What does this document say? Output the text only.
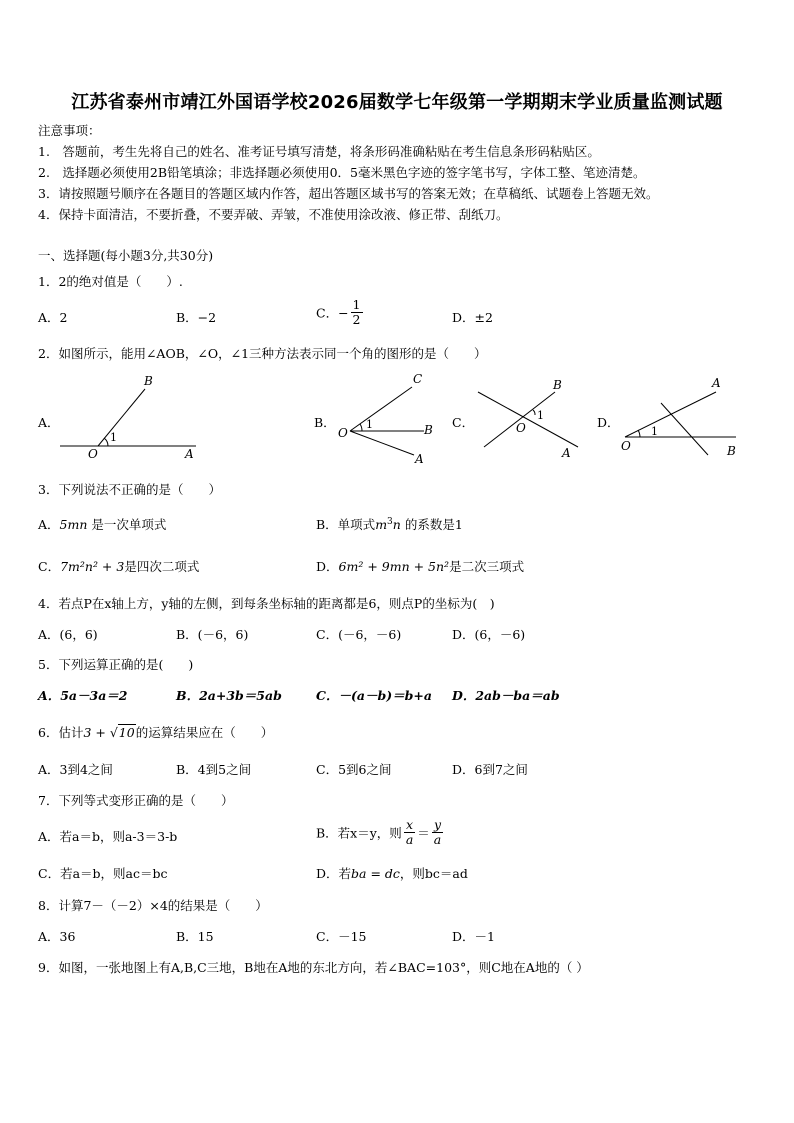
江苏省泰州市靖江外国语学校2026届数学七年级第一学期期末学业质量监测试题
注意事项：
1.　答题前，考生先将自己的姓名、准考证号填写清楚，将条形码准确粘贴在考生信息条形码粘贴区。
2.　选择题必须使用2B铅笔填涂；非选择题必须使用0．5毫米黑色字迹的签字笔书写，字体工整、笔迹清楚。
3．请按照题号顺序在各题目的答题区域内作答，超出答题区域书写的答案无效；在草稿纸、试题卷上答题无效。
4．保持卡面清洁，不要折叠，不要弄破、弄皱，不准使用涂改液、修正带、刮纸刀。
一、选择题(每小题3分,共30分)
1．2的绝对值是（　　）.
A．2	B．−2	C．− $\frac{1}{2}$	D．±2
2．如图所示，能用∠AOB，∠O，∠1三种方法表示同一个角的图形的是（　　）
A．	B．	C．	D．
O	A
B
1	O
C
B
A
1	O
B
A
1
O
A
B
1
3．下列说法不正确的是（　　）
A．5mn 是一次单项式	B．单项式$m^3n$ 的系数是1
C．7m²n² + 3是四次二项式	D．6m² + 9mn + 5n²是二次三项式
4．若点P在x轴上方，y轴的左侧，到每条坐标轴的距离都是6，则点P的坐标为(　)
A．(6，6)	B．(－6，6)	C．(－6，－6)	D．(6，－6)
5．下列运算正确的是(　　)
A．5a－3a＝2	B．2a+3b＝5ab	C．－(a－b)＝b+a D．2ab－ba＝ab
6．估计3 + √10的运算结果应在（　　）
A．3到4之间	B．4到5之间	C．5到6之间	D．6到7之间
7．下列等式变形正确的是（　　）
A．若a＝b，则a-3＝3-b	B．若x＝y，则 $\frac{x}{a} = \frac{y}{a}$
C．若a＝b，则ac＝bc	D．若ba = dc，则bc＝ad
8．计算7－（－2）×4的结果是（　　）
A．36	B．15	C．－15	D．－1
9．如图，一张地图上有A,B,C三地，B地在A地的东北方向，若∠BAC=103°，则C地在A地的（ ）
